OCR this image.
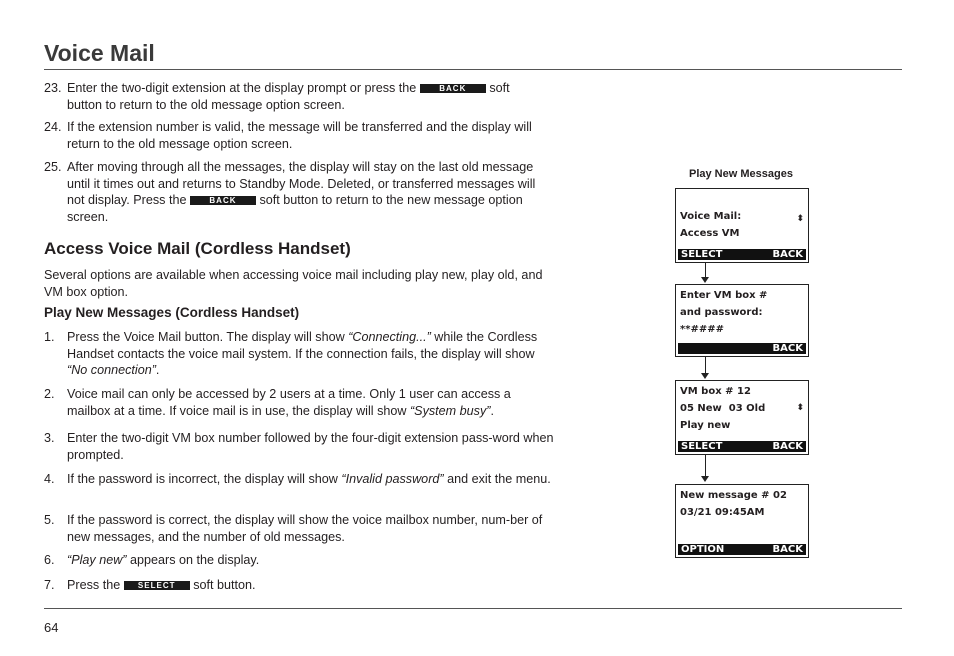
Voice Mail
23. Enter the two-digit extension at the display prompt or press the	BACK soft
button to return to the old message option screen.
24. If the extension number is valid, the message will be transferred and the display will return to the old message option screen.
25. After moving through all the messages, the display will stay on the last old message until it times out and returns to Standby Mode. Deleted, or transferred messages will not display. Press the	BACK soft button to return to the new message option screen.
Access Voice Mail (Cordless Handset)
Several options are available when accessing voice mail including play new, play old, and VM box option.
Play New Messages (Cordless Handset)
1. Press the Voice Mail button. The display will show “Connecting...” while the Cordless Handset contacts the voice mail system. If the connection fails, the display will show “No connection”.
2. Voice mail can only be accessed by 2 users at a time. Only 1 user can access a mailbox at a time. If voice mail is in use, the display will show “System busy”.
3. Enter the two-digit VM box number followed by the four-digit extension pass-word when prompted.
4. If the password is incorrect, the display will show “Invalid password” and exit the menu.
5. If the password is correct, the display will show the voice mailbox number, num-ber of new messages, and the number of old messages.
6. “Play new” appears on the display.
7. Press the SELECT soft button.
Play New Messages
Voice Mail:
Access VM
⬍
SELECT	BACK
Enter VM box #
and password:
**####
BACK
VM box # 12
05 New  03 Old
Play new
⬍
SELECT	BACK
New message # 02
03/21 09:45AM
OPTION	BACK
64
